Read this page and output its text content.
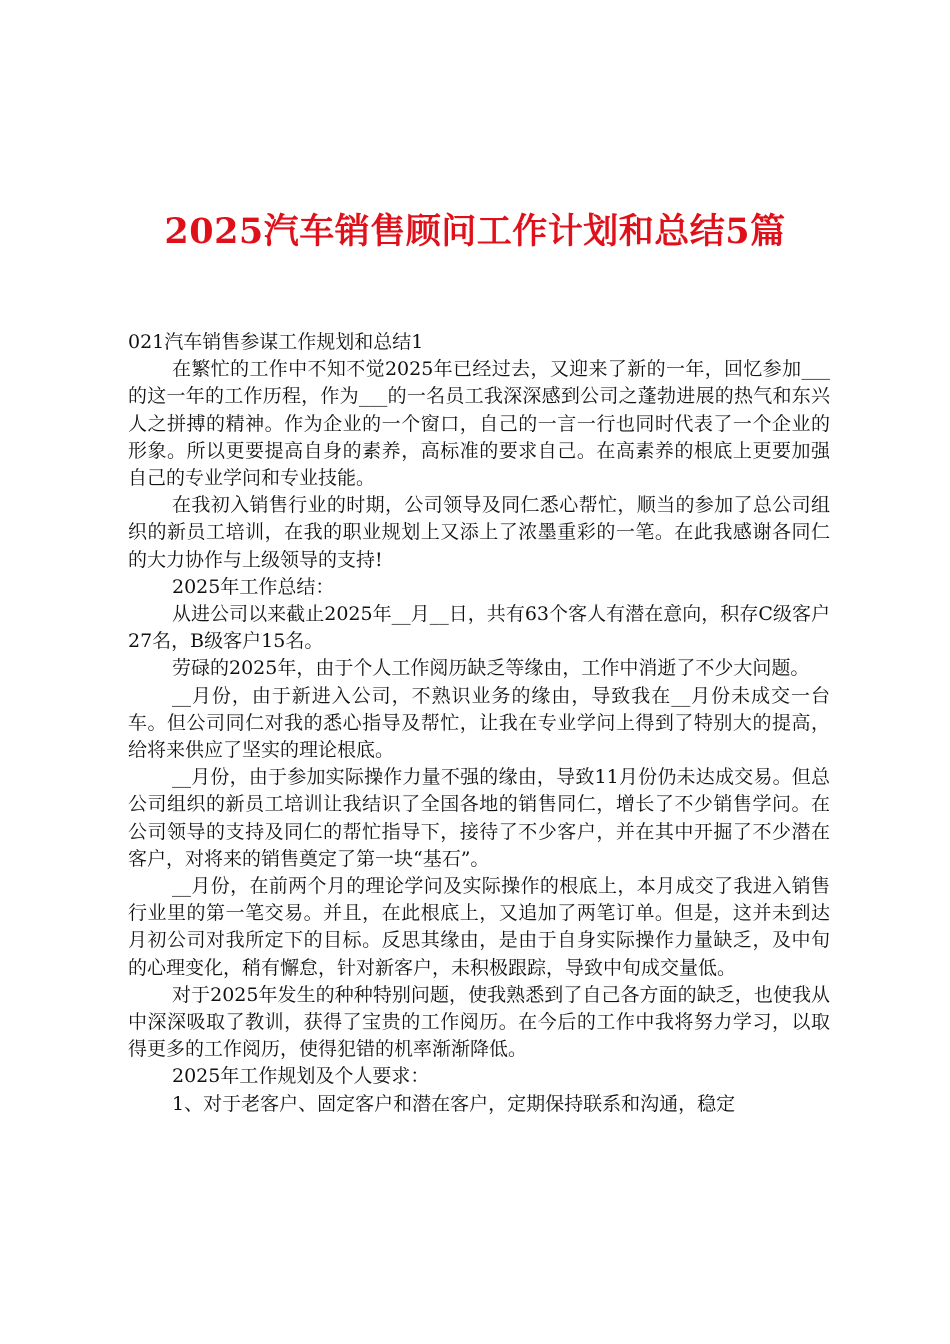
2025汽车销售顾问工作计划和总结5篇

021汽车销售参谋工作规划和总结1

在繁忙的工作中不知不觉2025年已经过去，又迎来了新的一年，回忆参加___的这一年的工作历程，作为___的一名员工我深深感到公司之蓬勃进展的热气和东兴人之拼搏的精神。作为企业的一个窗口，自己的一言一行也同时代表了一个企业的形象。所以更要提高自身的素养，高标准的要求自己。在高素养的根底上更要加强自己的专业学问和专业技能。

在我初入销售行业的时期，公司领导及同仁悉心帮忙，顺当的参加了总公司组织的新员工培训，在我的职业规划上又添上了浓墨重彩的一笔。在此我感谢各同仁的大力协作与上级领导的支持!

2025年工作总结：

从进公司以来截止2025年__月__日，共有63个客人有潜在意向，积存C级客户27名，B级客户15名。

劳碌的2025年，由于个人工作阅历缺乏等缘由，工作中消逝了不少大问题。

__月份，由于新进入公司，不熟识业务的缘由，导致我在__月份未成交一台车。但公司同仁对我的悉心指导及帮忙，让我在专业学问上得到了特别大的提高，给将来供应了坚实的理论根底。

__月份，由于参加实际操作力量不强的缘由，导致11月份仍未达成交易。但总公司组织的新员工培训让我结识了全国各地的销售同仁，增长了不少销售学问。在公司领导的支持及同仁的帮忙指导下，接待了不少客户，并在其中开掘了不少潜在客户，对将来的销售奠定了第一块“基石”。

__月份，在前两个月的理论学问及实际操作的根底上，本月成交了我进入销售行业里的第一笔交易。并且，在此根底上，又追加了两笔订单。但是，这并未到达月初公司对我所定下的目标。反思其缘由，是由于自身实际操作力量缺乏，及中旬的心理变化，稍有懈怠，针对新客户，未积极跟踪，导致中旬成交量低。

对于2025年发生的种种特别问题，使我熟悉到了自己各方面的缺乏，也使我从中深深吸取了教训，获得了宝贵的工作阅历。在今后的工作中我将努力学习，以取得更多的工作阅历，使得犯错的机率渐渐降低。

2025年工作规划及个人要求：

1、对于老客户、固定客户和潜在客户，定期保持联系和沟通，稳定
